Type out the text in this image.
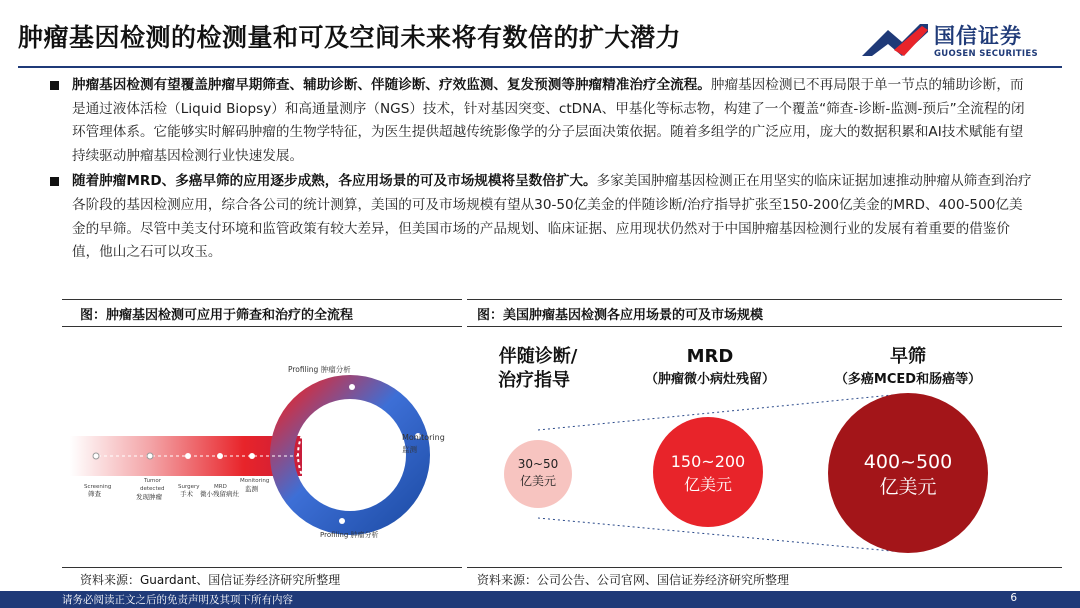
肿瘤基因检测的检测量和可及空间未来将有数倍的扩大潜力	国信证券
GUOSEN SECURITIES
肿瘤基因检测有望覆盖肿瘤早期筛查、辅助诊断、伴随诊断、疗效监测、复发预测等肿瘤精准治疗全流程。肿瘤基因检测已不再局限于单一节点的辅助诊断，而是通过液体活检（Liquid Biopsy）和高通量测序（NGS）技术，针对基因突变、ctDNA、甲基化等标志物，构建了一个覆盖“筛查-诊断-监测-预后”全流程的闭环管理体系。它能够实时解码肿瘤的生物学特征，为医生提供超越传统影像学的分子层面决策依据。随着多组学的广泛应用，庞大的数据积累和AI技术赋能有望持续驱动肿瘤基因检测行业快速发展。
随着肿瘤MRD、多癌早筛的应用逐步成熟，各应用场景的可及市场规模将呈数倍扩大。多家美国肿瘤基因检测正在用坚实的临床证据加速推动肿瘤从筛查到治疗各阶段的基因检测应用，综合各公司的统计测算，美国的可及市场规模有望从30-50亿美金的伴随诊断/治疗指导扩张至150-200亿美金的MRD、400-500亿美金的早筛。尽管中美支付环境和监管政策有较大差异，但美国市场的产品规划、临床证据、应用现状仍然对于中国肿瘤基因检测行业的发展有着重要的借鉴价值，他山之石可以攻玉。
图：肿瘤基因检测可应用于筛查和治疗的全流程	图：美国肿瘤基因检测各应用场景的可及市场规模
Profiling 肿瘤分析
Monitoring
监测
Profiling 肿瘤分析
Screening
筛查
Tumor
detected
发现肿瘤
Surgery
手术
MRD
微小残留病灶
Monitoring
监测
伴随诊断/
治疗指导
MRD
（肿瘤微小病灶残留）
早筛
（多癌MCED和肠癌等）
30~50
亿美元
150~200
亿美元
400~500
亿美元
资料来源：Guardant、国信证券经济研究所整理	资料来源：公司公告、公司官网、国信证券经济研究所整理
请务必阅读正文之后的免责声明及其项下所有内容	6
